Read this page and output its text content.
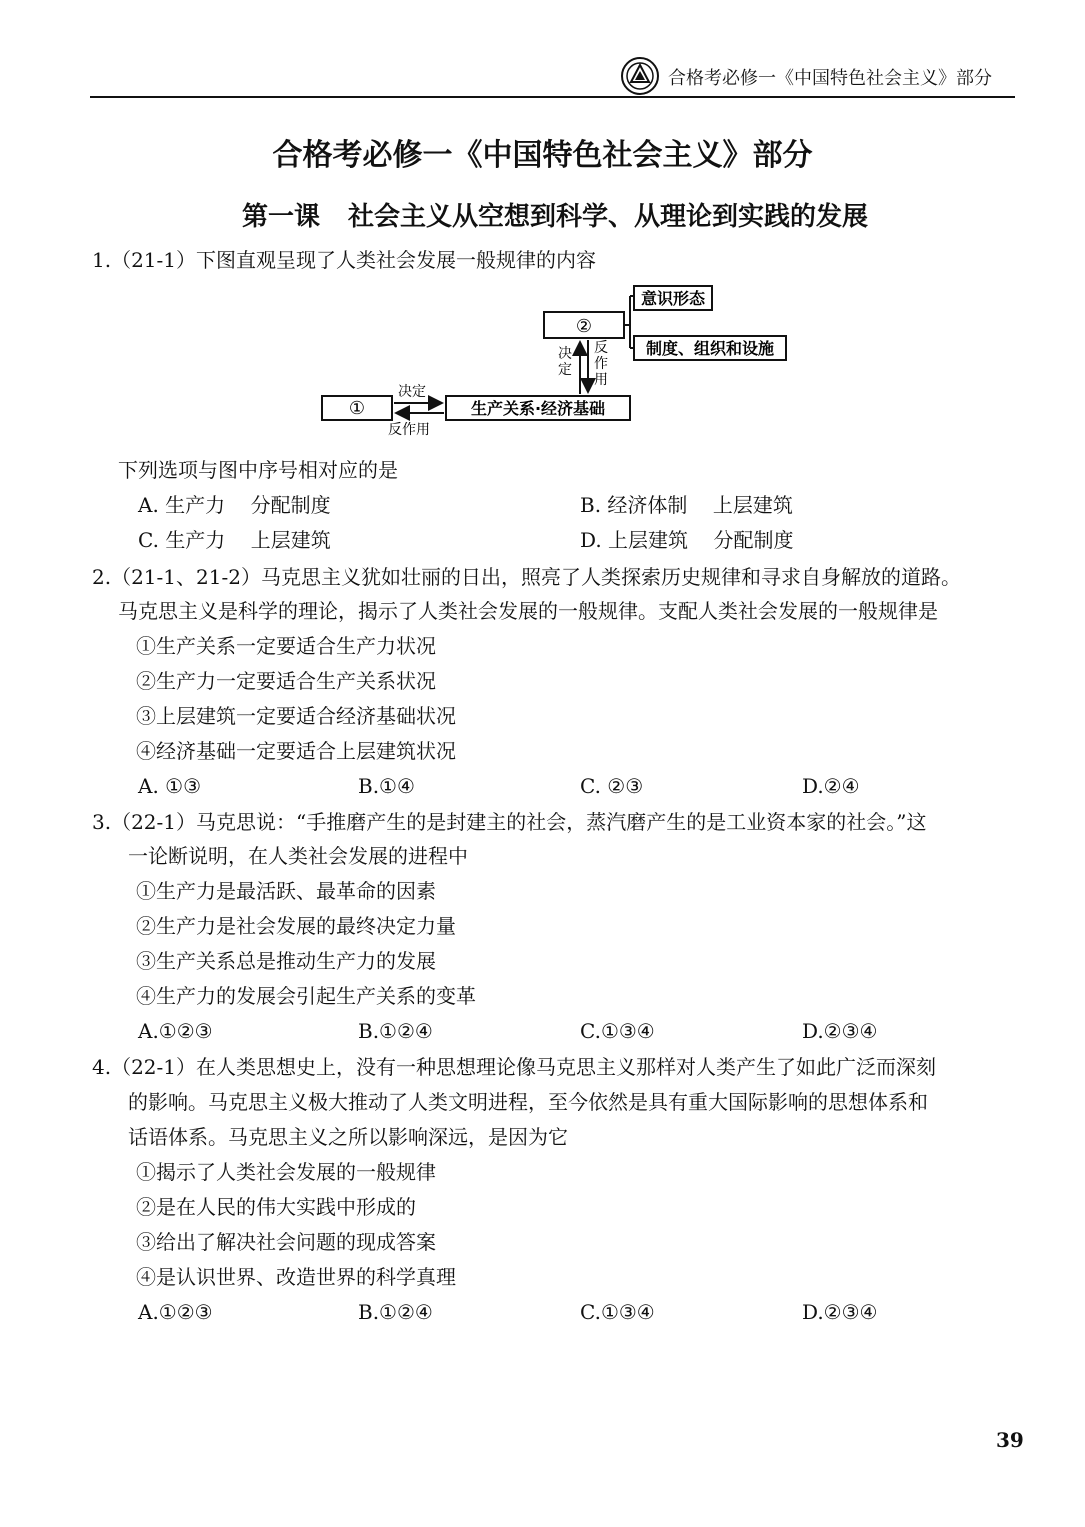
合格考必修一《中国特色社会主义》部分
合格考必修一《中国特色社会主义》部分
第一课 社会主义从空想到科学、从理论到实践的发展
1.（21-1）下图直观呈现了人类社会发展一般规律的内容
②
意识形态
制度、组织和设施
决定
反作用
生产关系·经济基础
①
决定
反作用
下列选项与图中序号相对应的是
A. 生产力 分配制度	B. 经济体制 上层建筑
C. 生产力 上层建筑	D. 上层建筑 分配制度
2.（21-1、21-2）马克思主义犹如壮丽的日出，照亮了人类探索历史规律和寻求自身解放的道路。
马克思主义是科学的理论，揭示了人类社会发展的一般规律。支配人类社会发展的一般规律是
①生产关系一定要适合生产力状况
②生产力一定要适合生产关系状况
③上层建筑一定要适合经济基础状况
④经济基础一定要适合上层建筑状况
A. ①③	B.①④	C. ②③	D.②④
3.（22-1）马克思说：“手推磨产生的是封建主的社会，蒸汽磨产生的是工业资本家的社会。”这
一论断说明，在人类社会发展的进程中
①生产力是最活跃、最革命的因素
②生产力是社会发展的最终决定力量
③生产关系总是推动生产力的发展
④生产力的发展会引起生产关系的变革
A.①②③	B.①②④	C.①③④	D.②③④
4.（22-1）在人类思想史上，没有一种思想理论像马克思主义那样对人类产生了如此广泛而深刻
的影响。马克思主义极大推动了人类文明进程，至今依然是具有重大国际影响的思想体系和
话语体系。马克思主义之所以影响深远，是因为它
①揭示了人类社会发展的一般规律
②是在人民的伟大实践中形成的
③给出了解决社会问题的现成答案
④是认识世界、改造世界的科学真理
A.①②③	B.①②④	C.①③④	D.②③④
39
